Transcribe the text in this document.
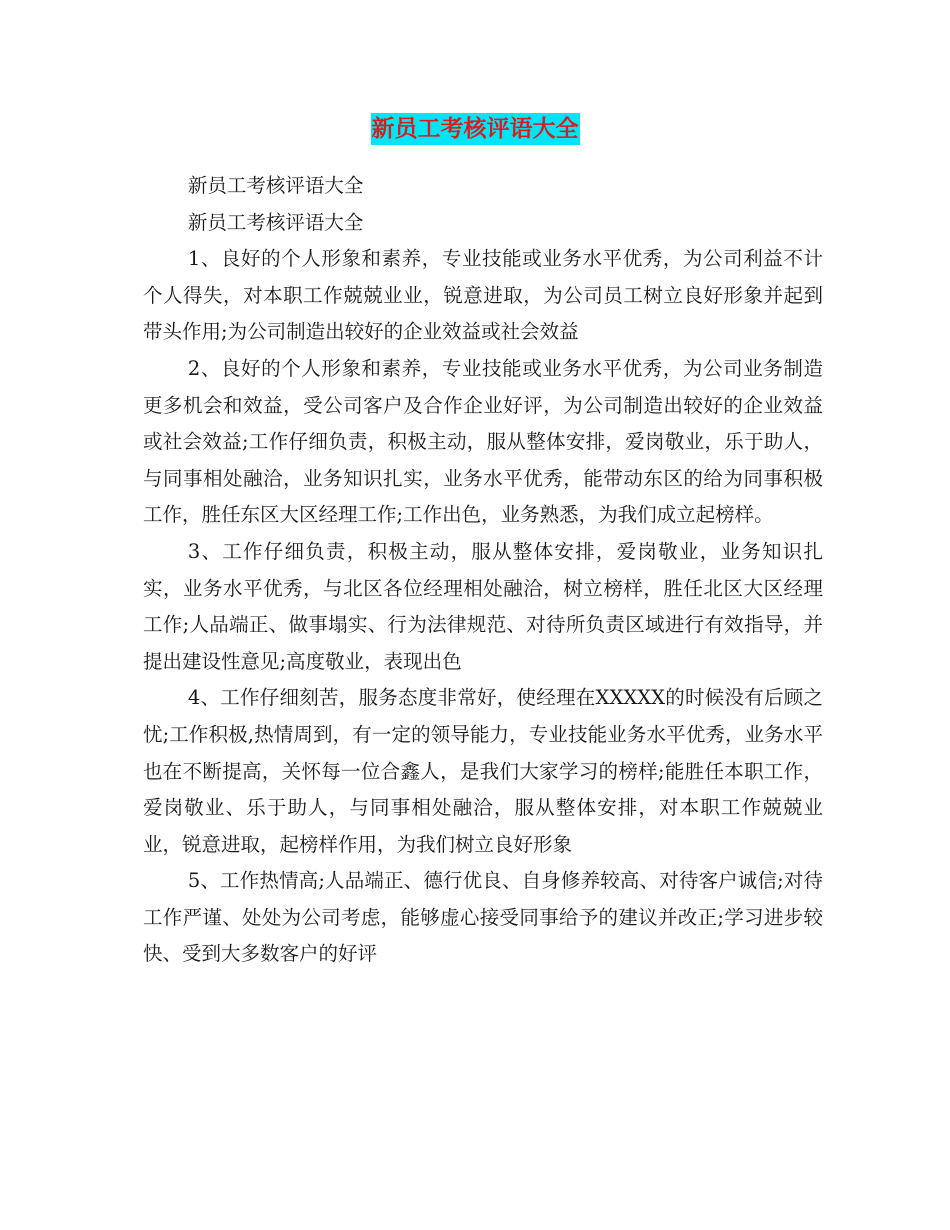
新员工考核评语大全

新员工考核评语大全

新员工考核评语大全

1、良好的个人形象和素养，专业技能或业务水平优秀，为公司利益不计个人得失，对本职工作兢兢业业，锐意进取，为公司员工树立良好形象并起到带头作用;为公司制造出较好的企业效益或社会效益

2、良好的个人形象和素养，专业技能或业务水平优秀，为公司业务制造更多机会和效益，受公司客户及合作企业好评，为公司制造出较好的企业效益或社会效益;工作仔细负责，积极主动，服从整体安排，爱岗敬业，乐于助人，与同事相处融洽，业务知识扎实，业务水平优秀，能带动东区的给为同事积极工作，胜任东区大区经理工作;工作出色，业务熟悉，为我们成立起榜样。

3、工作仔细负责，积极主动，服从整体安排，爱岗敬业，业务知识扎实，业务水平优秀，与北区各位经理相处融洽，树立榜样，胜任北区大区经理工作;人品端正、做事塌实、行为法律规范、对待所负责区域进行有效指导，并提出建设性意见;高度敬业，表现出色

4、工作仔细刻苦，服务态度非常好，使经理在XXXXX的时候没有后顾之忧;工作积极,热情周到，有一定的领导能力，专业技能业务水平优秀，业务水平也在不断提高，关怀每一位合鑫人，是我们大家学习的榜样;能胜任本职工作，爱岗敬业、乐于助人，与同事相处融洽，服从整体安排，对本职工作兢兢业业，锐意进取，起榜样作用，为我们树立良好形象

5、工作热情高;人品端正、德行优良、自身修养较高、对待客户诚信;对待工作严谨、处处为公司考虑，能够虚心接受同事给予的建议并改正;学习进步较快、受到大多数客户的好评
